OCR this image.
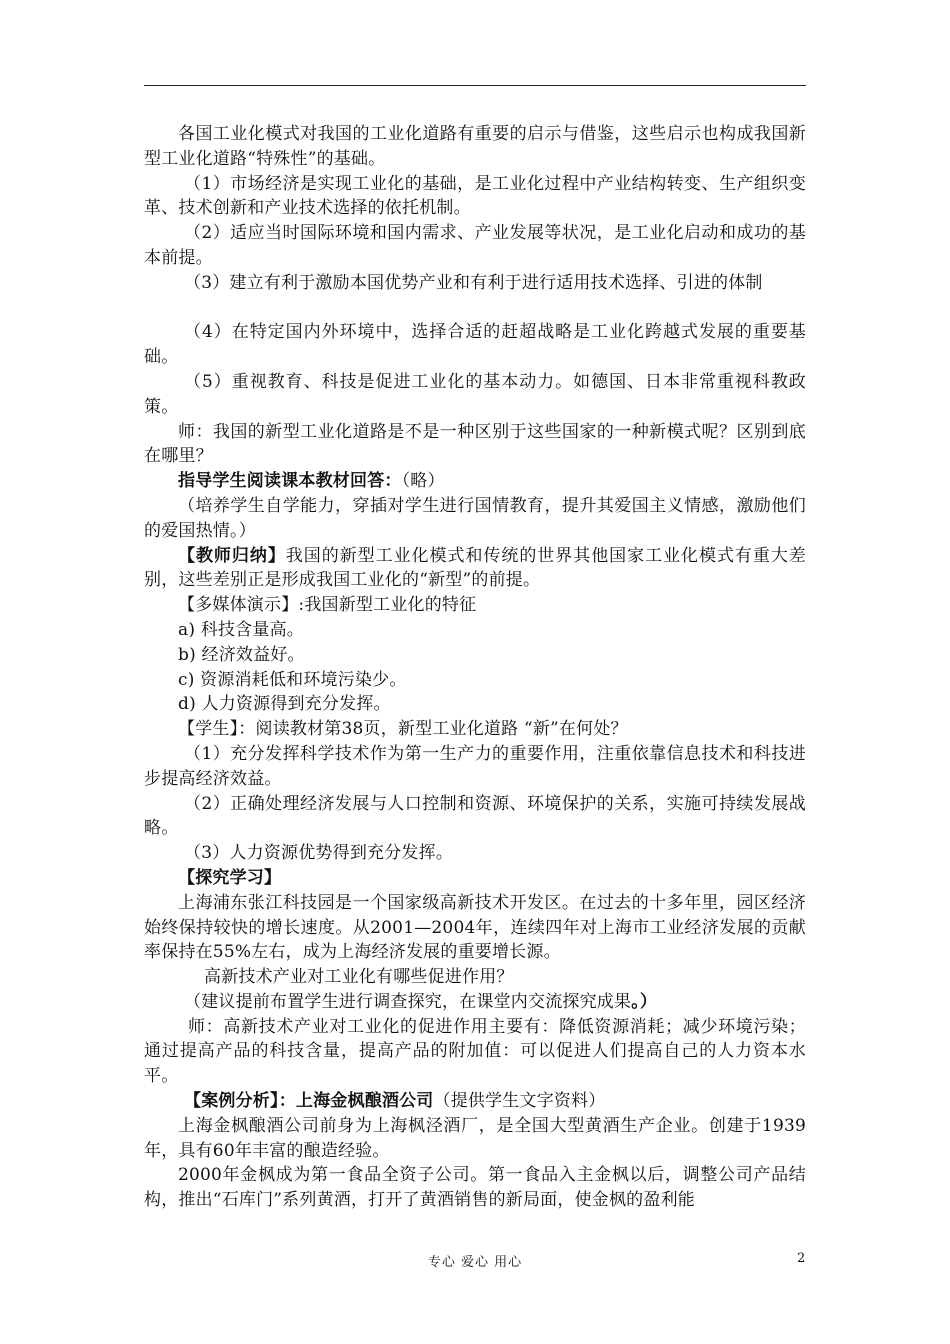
各国工业化模式对我国的工业化道路有重要的启示与借鉴，这些启示也构成我国新型工业化道路“特殊性”的基础。

（1）市场经济是实现工业化的基础，是工业化过程中产业结构转变、生产组织变革、技术创新和产业技术选择的依托机制。

（2）适应当时国际环境和国内需求、产业发展等状况，是工业化启动和成功的基本前提。

（3）建立有利于激励本国优势产业和有利于进行适用技术选择、引进的体制

（4）在特定国内外环境中，选择合适的赶超战略是工业化跨越式发展的重要基础。

（5）重视教育、科技是促进工业化的基本动力。如德国、日本非常重视科教政策。

师：我国的新型工业化道路是不是一种区别于这些国家的一种新模式呢？区别到底在哪里？

指导学生阅读课本教材回答：（略）

（培养学生自学能力，穿插对学生进行国情教育，提升其爱国主义情感，激励他们的爱国热情。）

【教师归纳】我国的新型工业化模式和传统的世界其他国家工业化模式有重大差别，这些差别正是形成我国工业化的“新型”的前提。

【多媒体演示】:我国新型工业化的特征

a) 科技含量高。

b) 经济效益好。

c) 资源消耗低和环境污染少。

d) 人力资源得到充分发挥。

【学生】：阅读教材第38页，新型工业化道路 “新”在何处？

（1）充分发挥科学技术作为第一生产力的重要作用，注重依靠信息技术和科技进步提高经济效益。

（2）正确处理经济发展与人口控制和资源、环境保护的关系，实施可持续发展战略。

（3）人力资源优势得到充分发挥。

【探究学习】

上海浦东张江科技园是一个国家级高新技术开发区。在过去的十多年里，园区经济始终保持较快的增长速度。从2001—2004年，连续四年对上海市工业经济发展的贡献率保持在55%左右，成为上海经济发展的重要增长源。

高新技术产业对工业化有哪些促进作用？

（建议提前布置学生进行调查探究，在课堂内交流探究成果。）

师：高新技术产业对工业化的促进作用主要有：降低资源消耗；减少环境污染；通过提高产品的科技含量，提高产品的附加值：可以促进人们提高自己的人力资本水平。

【案例分析】：上海金枫酿酒公司（提供学生文字资料）

上海金枫酿酒公司前身为上海枫泾酒厂，是全国大型黄酒生产企业。创建于1939年，具有60年丰富的酿造经验。

2000年金枫成为第一食品全资子公司。第一食品入主金枫以后，调整公司产品结构，推出“石库门”系列黄酒，打开了黄酒销售的新局面，使金枫的盈利能

专心 爱心 用心	2
